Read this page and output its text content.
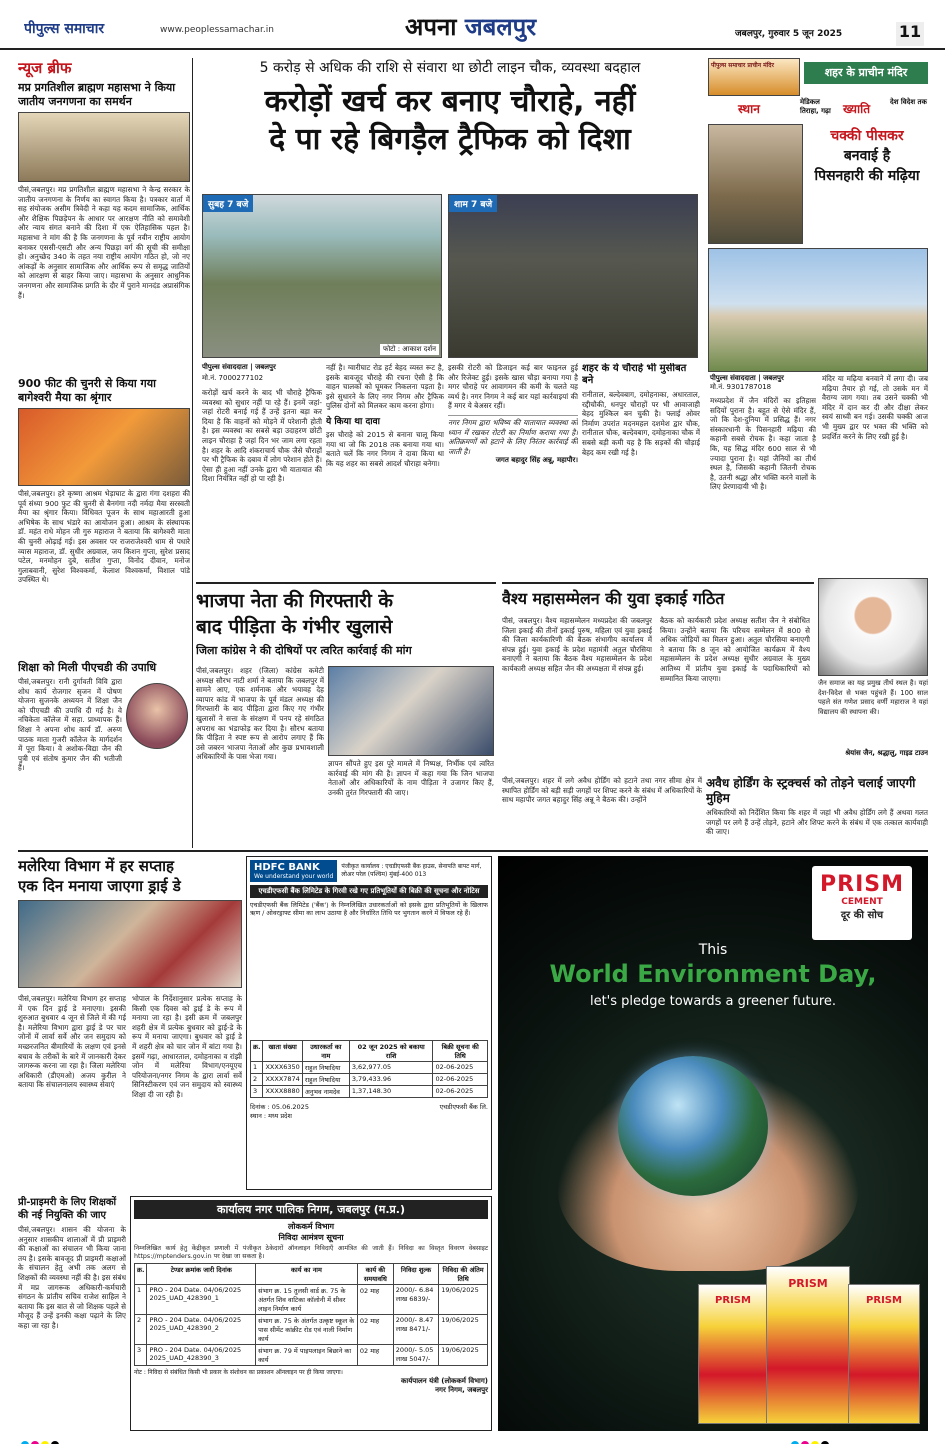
पीपुल्स समाचार	www.peoplessamachar.in	अपना जबलपुर	जबलपुर, गुरुवार 5 जून 2025	11
न्यूज ब्रीफ
मप्र प्रगतिशील ब्राह्मण महासभा ने किया जातीय जनगणना का समर्थन
पीसं,जबलपुर। मप्र प्रगतिशील ब्राह्मण महासभा ने केन्द्र सरकार के जातीय जनगणना के निर्णय का स्वागत किया है। पत्रकार वार्ता में सह संयोजक असीम त्रिवेदी ने कहा यह कदम सामाजिक, आर्थिक और शैक्षिक पिछड़ेपन के आधार पर आरक्षण नीति को समावेशी और न्याय संगत बनाने की दिशा में एक ऐतिहासिक पहल है। महासभा ने मांग की है कि जनगणना के पूर्व नवीन राष्ट्रीय आयोग बनाकर एससी-एसटी और अन्य पिछड़ा वर्ग की सूची की समीक्षा हो। अनुच्छेद 340 के तहत नया राष्ट्रीय आयोग गठित हो, जो नए आंकड़ों के अनुसार सामाजिक और आर्थिक रूप से समृद्ध जातियों को आरक्षण से बाहर किया जाए। महासभा के अनुसार आधुनिक जनगणना और सामाजिक प्रगति के दौर में पुराने मानदंड अप्रासंगिक हैं।
900 फीट की चुनरी से किया गया बागेश्वरी मैया का श्रृंगार
पीसं,जबलपुर। हरे कृष्णा आश्रम भेड़ाघाट के द्वारा गंगा दशहरा की पूर्व संध्या 900 फुट की चुनरी से बैनगंगा नदी नर्मदा मैया सरस्वती मैया का श्रृंगार किया। विधिवत पूजन के साथ महाआरती हुआ अभिषेक के साथ भंडारे का आयोजन हुआ। आश्रम के संस्थापक डॉ. महंत राधे मोहन जी गुरु महाराज ने बताया कि बागेश्वरी माता की चुनरी ओढ़ाई गई। इस अवसर पर राजराजेश्वरी धाम से पधारे व्यास महाराज, डॉ. सुधीर अग्रवाल, जय किशन गुप्ता, सुरेश प्रसाद पटेल, मनमोहन दुबे, सतीश गुप्ता, विनोद दीवान, मनोज गुलाबवानी, सुरेश विश्वकर्मा, केलाश विश्वकर्मा, विशाल पांडे उपस्थित थे।
शिक्षा को मिली पीएचडी की उपाधि
पीसं,जबलपुर। रानी दुर्गावती विवि द्वारा शोध कार्य रोजगार सृजन में पोषण योजना सुजनके अध्ययन में शिक्षा जैन को पीएचडी की उपाधि दी गई है। वे नचिकेता कॉलेज में सहा. प्राध्यापक हैं। शिक्षा ने अपना शोध कार्य डॉ. अरुण पाठक माता गुजरी कॉलेज के मार्गदर्शन में पूरा किया। वे अशोक-विद्या जैन की पुत्री एवं संतोष कुमार जैन की भतीजी हैं।
5 करोड़ से अधिक की राशि से संवारा था छोटी लाइन चौक, व्यवस्था बदहाल
करोड़ों खर्च कर बनाए चौराहे, नहीं
दे पा रहे बिगड़ैल ट्रैफिक को दिशा
सुबह 7 बजे
फोटो : आकाश दर्शन
शाम 7 बजे
पीपुल्स संवाददाता | जबलपुर
मो.नं. 7000277102
करोड़ों खर्च करने के बाद भी चौराहे ट्रैफिक व्यवस्था को सुधार नहीं पा रहे हैं। इनमें जहां-जहां रोटरी बनाई गई हैं उन्हें इतना बड़ा कर दिया है कि वाहनों को मोड़ने में परेशानी होती है। इस व्यवस्था का सबसे बड़ा उदाहरण छोटी लाइन चौराहा है जहां दिन भर जाम लगा रहता है। शहर के आदि शंकराचार्य चौक जैसे चौराहों पर भी ट्रैफिक के दबाव में लोग परेशान होते हैं। ऐसा ही हुआ नहीं उनके द्वारा भी यातायात की दिशा नियंत्रित नहीं हो पा रही है।
नहीं है। ग्वारीघाट रोड हर्ट बेहद व्यस्त रूट है, इसके बावजूद चौराहे की रचना ऐसी है कि वाहन चालकों को घूमकर निकलना पड़ता है। इसे सुधारने के लिए नगर निगम और ट्रैफिक पुलिस दोनों को मिलकर काम करना होगा।
ये किया था दावा
इस चौराहे को 2015 से बनाना चालू किया गया था जो कि 2018 तक बनाया गया था। बताते चलें कि नगर निगम ने दावा किया था कि यह शहर का सबसे आदर्श चौराहा बनेगा।
इसकी रोटरी को डिजाइन कई बार फाइनल हुई और रिजेक्ट हुई। इसके खास चौड़ा बनाया गया है मगर चौराहे पर आवागमन की कमी के चलते यह व्यर्थ है। नगर निगम ने कई बार यहां कार्रवाइयां की हैं मगर ये बेअसर रहीं।
नगर निगम द्वारा भविष्य की यातायात व्यवस्था को ध्यान में रखकर रोटरी का निर्माण कराया गया है। अतिक्रमणों को हटाने के लिए निरंतर कार्रवाई की जाती है।
जगत बहादुर सिंह अन्नू, महापौर।
शहर के ये चौराहे भी मुसीबत बने
रानीताल, बल्देवबाग, दमोहनाका, अधारताल, रद्दीचौकी, धनपुर चौराहों पर भी आवाजाही बेहद मुश्किल बन चुकी है। फ्लाई ओवर निर्माण उपरांत मदनमहल दशमेश द्वार चौक, रानीताल चौक, बल्देवबाग, दमोहनाका चौक में सबसे बड़ी कमी यह है कि सड़कों की चौड़ाई बेहद कम रखी गई है।
पीपुल्स समाचार प्राचीन मंदिर
शहर के प्राचीन मंदिर
स्थान	मेडिकल तिराहा, गढ़ा	ख्याति	देश विदेश तक
चक्की पीसकर
बनवाई है
पिसनहारी की मढ़िया
पीपुल्स संवाददाता | जबलपुर
मो.नं. 9301787018
मध्यप्रदेश में जैन मंदिरों का इतिहास सदियों पुराना है। बहुत से ऐसे मंदिर हैं, जो कि देश-दुनिया में प्रसिद्ध हैं। नगर संस्कारधानी के पिसनहारी मढ़िया की कहानी सबसे रोचक है। कहा जाता है कि, यह सिद्ध मंदिर 600 साल से भी ज्यादा पुराना है। यहां जैनियों का तीर्थ स्थल है, जिसकी कहानी जितनी रोचक है, उतनी श्रद्धा और भक्ति करने वालों के लिए प्रेरणादायी भी है।
मंदिर या मढ़िया बनवाने में लगा दी। जब मढ़िया तैयार हो गई, तो उसके मन में वैराग्य जाग गया। तब उसने चक्की भी मंदिर में दान कर दी और दीक्षा लेकर स्वयं साध्वी बन गई। उसकी चक्की आज भी मुख्य द्वार पर भक्त की भक्ति को प्रदर्शित करने के लिए रखी हुई है।
जैन समाज का यह प्रमुख तीर्थ स्थल है। यहां देश-विदेश से भक्त पहुंचते हैं। 100 साल पहले संत गणेश प्रसाद वर्णी महाराज ने यहां विद्यालय की स्थापना की।
श्रेयांस जैन, श्रद्धालु, गाइड टाउन
भाजपा नेता की गिरफ्तारी के
बाद पीड़िता के गंभीर खुलासे
जिला कांग्रेस ने की दोषियों पर त्वरित कार्रवाई की मांग
पीसं,जबलपुर। शहर (जिला) कांग्रेस कमेटी अध्यक्ष सौरभ नाटी शर्मा ने बताया कि जबलपुर में सामने आए, एक शर्मनाक और भयावह देह व्यापार कांड में भाजपा के पूर्व मंडल अध्यक्ष की गिरफ्तारी के बाद पीड़िता द्वारा किए गए गंभीर खुलासों ने सत्ता के संरक्षण में पनप रहे संगठित अपराध का भंडाफोड़ कर दिया है। सौरभ बताया कि पीड़िता ने स्पष्ट रूप से आरोप लगाए हैं कि उसे जबरन भाजपा नेताओं और कुछ प्रभावशाली अधिकारियों के पास भेजा गया।
ज्ञापन सौंपते हुए इस पूरे मामले में निष्पक्ष, निर्भीक एवं त्वरित कार्रवाई की मांग की है। ज्ञापन में कहा गया कि जिन भाजपा नेताओं और अधिकारियों के नाम पीड़िता ने उजागर किए हैं, उनकी तुरंत गिरफ्तारी की जाए।
वैश्य महासम्मेलन की युवा इकाई गठित
पीसं, जबलपुर। वैश्य महासम्मेलन मध्यप्रदेश की जबलपुर जिला इकाई की तीनों इकाई पुरुष, महिला एवं युवा इकाई की जिला कार्यकारिणी की बैठक संभागीय कार्यालय में संपन्न हुई। युवा इकाई के प्रदेश महामंत्री अतुल चौरसिया बनाएगी ने बताया कि बैठक वैश्य महासम्मेलन के प्रदेश कार्यकारी अध्यक्ष सहित जैन की अध्यक्षता में संपन्न हुई।
बैठक को कार्यकारी प्रदेश अध्यक्ष सतीश जैन ने संबोधित किया। उन्होंने बताया कि परिचय सम्मेलन में 800 से अधिक जोड़ियों का मिलन हुआ। अतुल चौरसिया बनाएगी ने बताया कि 8 जून को आयोजित कार्यक्रम में वैश्य महासम्मेलन के प्रदेश अध्यक्ष सुधीर अग्रवाल के मुख्य आतिथ्य में प्रांतीय युवा इकाई के पदाधिकारियों को सम्मानित किया जाएगा।
अवैध होर्डिंग के स्ट्रक्चर्स को तोड़ने चलाई जाएगी मुहिम
पीसं,जबलपुर। शहर में लगे अवैध होर्डिंग को हटाने तथा नगर सीमा क्षेत्र में स्थापित होर्डिंग को बड़ी सड़ी जगहों पर शिफ्ट करने के संबंध में अधिकारियों के साथ महापौर जगत बहादुर सिंह अन्नू ने बैठक की। उन्होंने
अधिकारियों को निर्देशित किया कि शहर में जहां भी अवैध होर्डिंग लगे हैं अथवा गलत जगहों पर लगे हैं उन्हें तोड़ने, हटाने और शिफ्ट करने के संबंध में एक तत्काल कार्यवाही की जाए।
मलेरिया विभाग में हर सप्ताह
एक दिन मनाया जाएगा ड्राई डे
पीसं,जबलपुर। मलेरिया विभाग हर सप्ताह में एक दिन ड्राई डे मनाएगा। इसकी शुरुआत बुधवार 4 जून से जिले में की गई है। मलेरिया विभाग द्वारा ड्राई डे पर चार जोनों में लार्वा सर्वे और जन समुदाय को मच्छरजनित बीमारियों के लक्षण एवं इनसे बचाव के तरीकों के बारे में जानकारी देकर जागरूक करना जा रहा है। जिला मलेरिया अधिकारी (डीएमओ) अजय कुरील ने बताया कि संचालनालय स्वास्थ्य सेवाएं
भोपाल के निर्देशानुसार प्रत्येक सप्ताह के किसी एक दिवस को ड्राई डे के रूप में मनाया जा रहा है। इसी क्रम में जबलपुर शहरी क्षेत्र में प्रत्येक बुधवार को ड्राई-डे के रूप में मनाया जाएगा। बुधवार को ड्राई डे में शहरी क्षेत्र को चार जोन में बांटा गया है। इसमें गढ़ा, आधारताल, दमोहनाका व रांझी जोन में मलेरिया विभाग/एनयूएच परियोजना/नगर निगम के द्वारा लार्वा सर्वे सिनिस्टीकरण एवं जन समुदाय को स्वास्थ्य शिक्षा दी जा रही है।
HDFC BANK
We understand your world
पंजीकृत कार्यालय : एचडीएफसी बैंक हाउस, सेनापति बापट मार्ग, लोअर परेल (पश्चिम) मुंबई-400 013
एचडीएफसी बैंक लिमिटेड के गिरवी रखे गए प्रतिभूतियों की बिक्री की सूचना और नोटिस
एचडीएफसी बैंक लिमिटेड ('बैंक') के निम्नलिखित उधारकर्ताओं को इसके द्वारा प्रतिभूतियों के खिलाफ ऋण / ओवरड्राफ्ट सीमा का लाभ उठाया है और निर्धारित तिथि पर भुगतान करने में विफल रहे हैं।
क्र.	खाता संख्या	उधारकर्ता का नाम	02 जून 2025 को बकाया राशि	बिक्री सूचना की तिथि
1	XXXX6350	राहुल निषादिया	3,62,977.05	02-06-2025
2	XXXX7874	राहुल निषादिया	3,79,433.96	02-06-2025
3	XXXX8880	अनुभव नामदेव	1,37,148.30	02-06-2025
दिनांक : 05.06.2025
स्थान : मध्य प्रदेश
एचडीएफसी बैंक लि.
प्री-प्राइमरी के लिए शिक्षकों
की नई नियुक्ति की जाए
पीसं,जबलपुर। शासन की योजना के अनुसार शासकीय शालाओं में प्री प्राइमरी की कक्षाओं का संचालन भी किया जाना तय है। इसके बावजूद प्री प्राइमरी कक्षाओं के संचालन हेतु अभी तक अलग से शिक्षकों की व्यवस्था नहीं की है। इस संबंध में मप्र जागरूक अधिकारी-कर्मचारी संगठन के प्रांतीय सचिव राजेश साहिल ने बताया कि इस बात से जो शिक्षक पहले से मौजूद हैं उन्हें इनकी कक्षा पढ़ाने के लिए कहा जा रहा है।
कार्यालय नगर पालिक निगम, जबलपुर (म.प्र.)
लोककर्म विभाग
निविदा आमंत्रण सूचना
निम्नलिखित कार्य हेतु केंद्रीकृत प्रणाली में पंजीकृत ठेकेदारों ऑनलाइन निविदाएँ आमंत्रित की जाती हैं। निविदा का विस्तृत विवरण वेबसाइट https://mptenders.gov.in पर देखा जा सकता है।
क्र.	टेण्डर क्रमांक जारी दिनांक	कार्य का नाम	कार्य की समयावधि	निविदा शुल्क	निविदा की अंतिम तिथि
1	PRO - 204 Date. 04/06/2025 2025_UAD_428390_1	संभाग क्र. 15 तुलसी वार्ड क्र. 75 के अंतर्गत शिव वाटिका कॉलोनी में सीवर लाइन निर्माण कार्य	02 माह	2000/- 6.84 लाख 6839/-	19/06/2025
2	PRO - 204 Date. 04/06/2025 2025_UAD_428390_2	संभाग क्र. 75 के अंतर्गत उत्कृष्ट स्कूल के पास सीमेंट कांक्रीट रोड एवं नाली निर्माण कार्य	02 माह	2000/- 8.47 लाख 8471/-	19/06/2025
3	PRO - 204 Date. 04/06/2025 2025_UAD_428390_3	संभाग क्र. 79 में पाइपलाइन बिछाने का कार्य	02 माह	2000/- 5.05 लाख 5047/-	19/06/2025
नोट : निविदा से संबंधित किसी भी प्रकार के संशोधन का प्रकाशन ऑनलाइन पर ही किया जाएगा।
कार्यपालन यंत्री (लोककर्म विभाग)
नगर निगम, जबलपुर
PRISM
CEMENT
दूर की सोच
This
World Environment Day,
let's pledge towards a greener future.
PRISM
PRISM
PRISM
